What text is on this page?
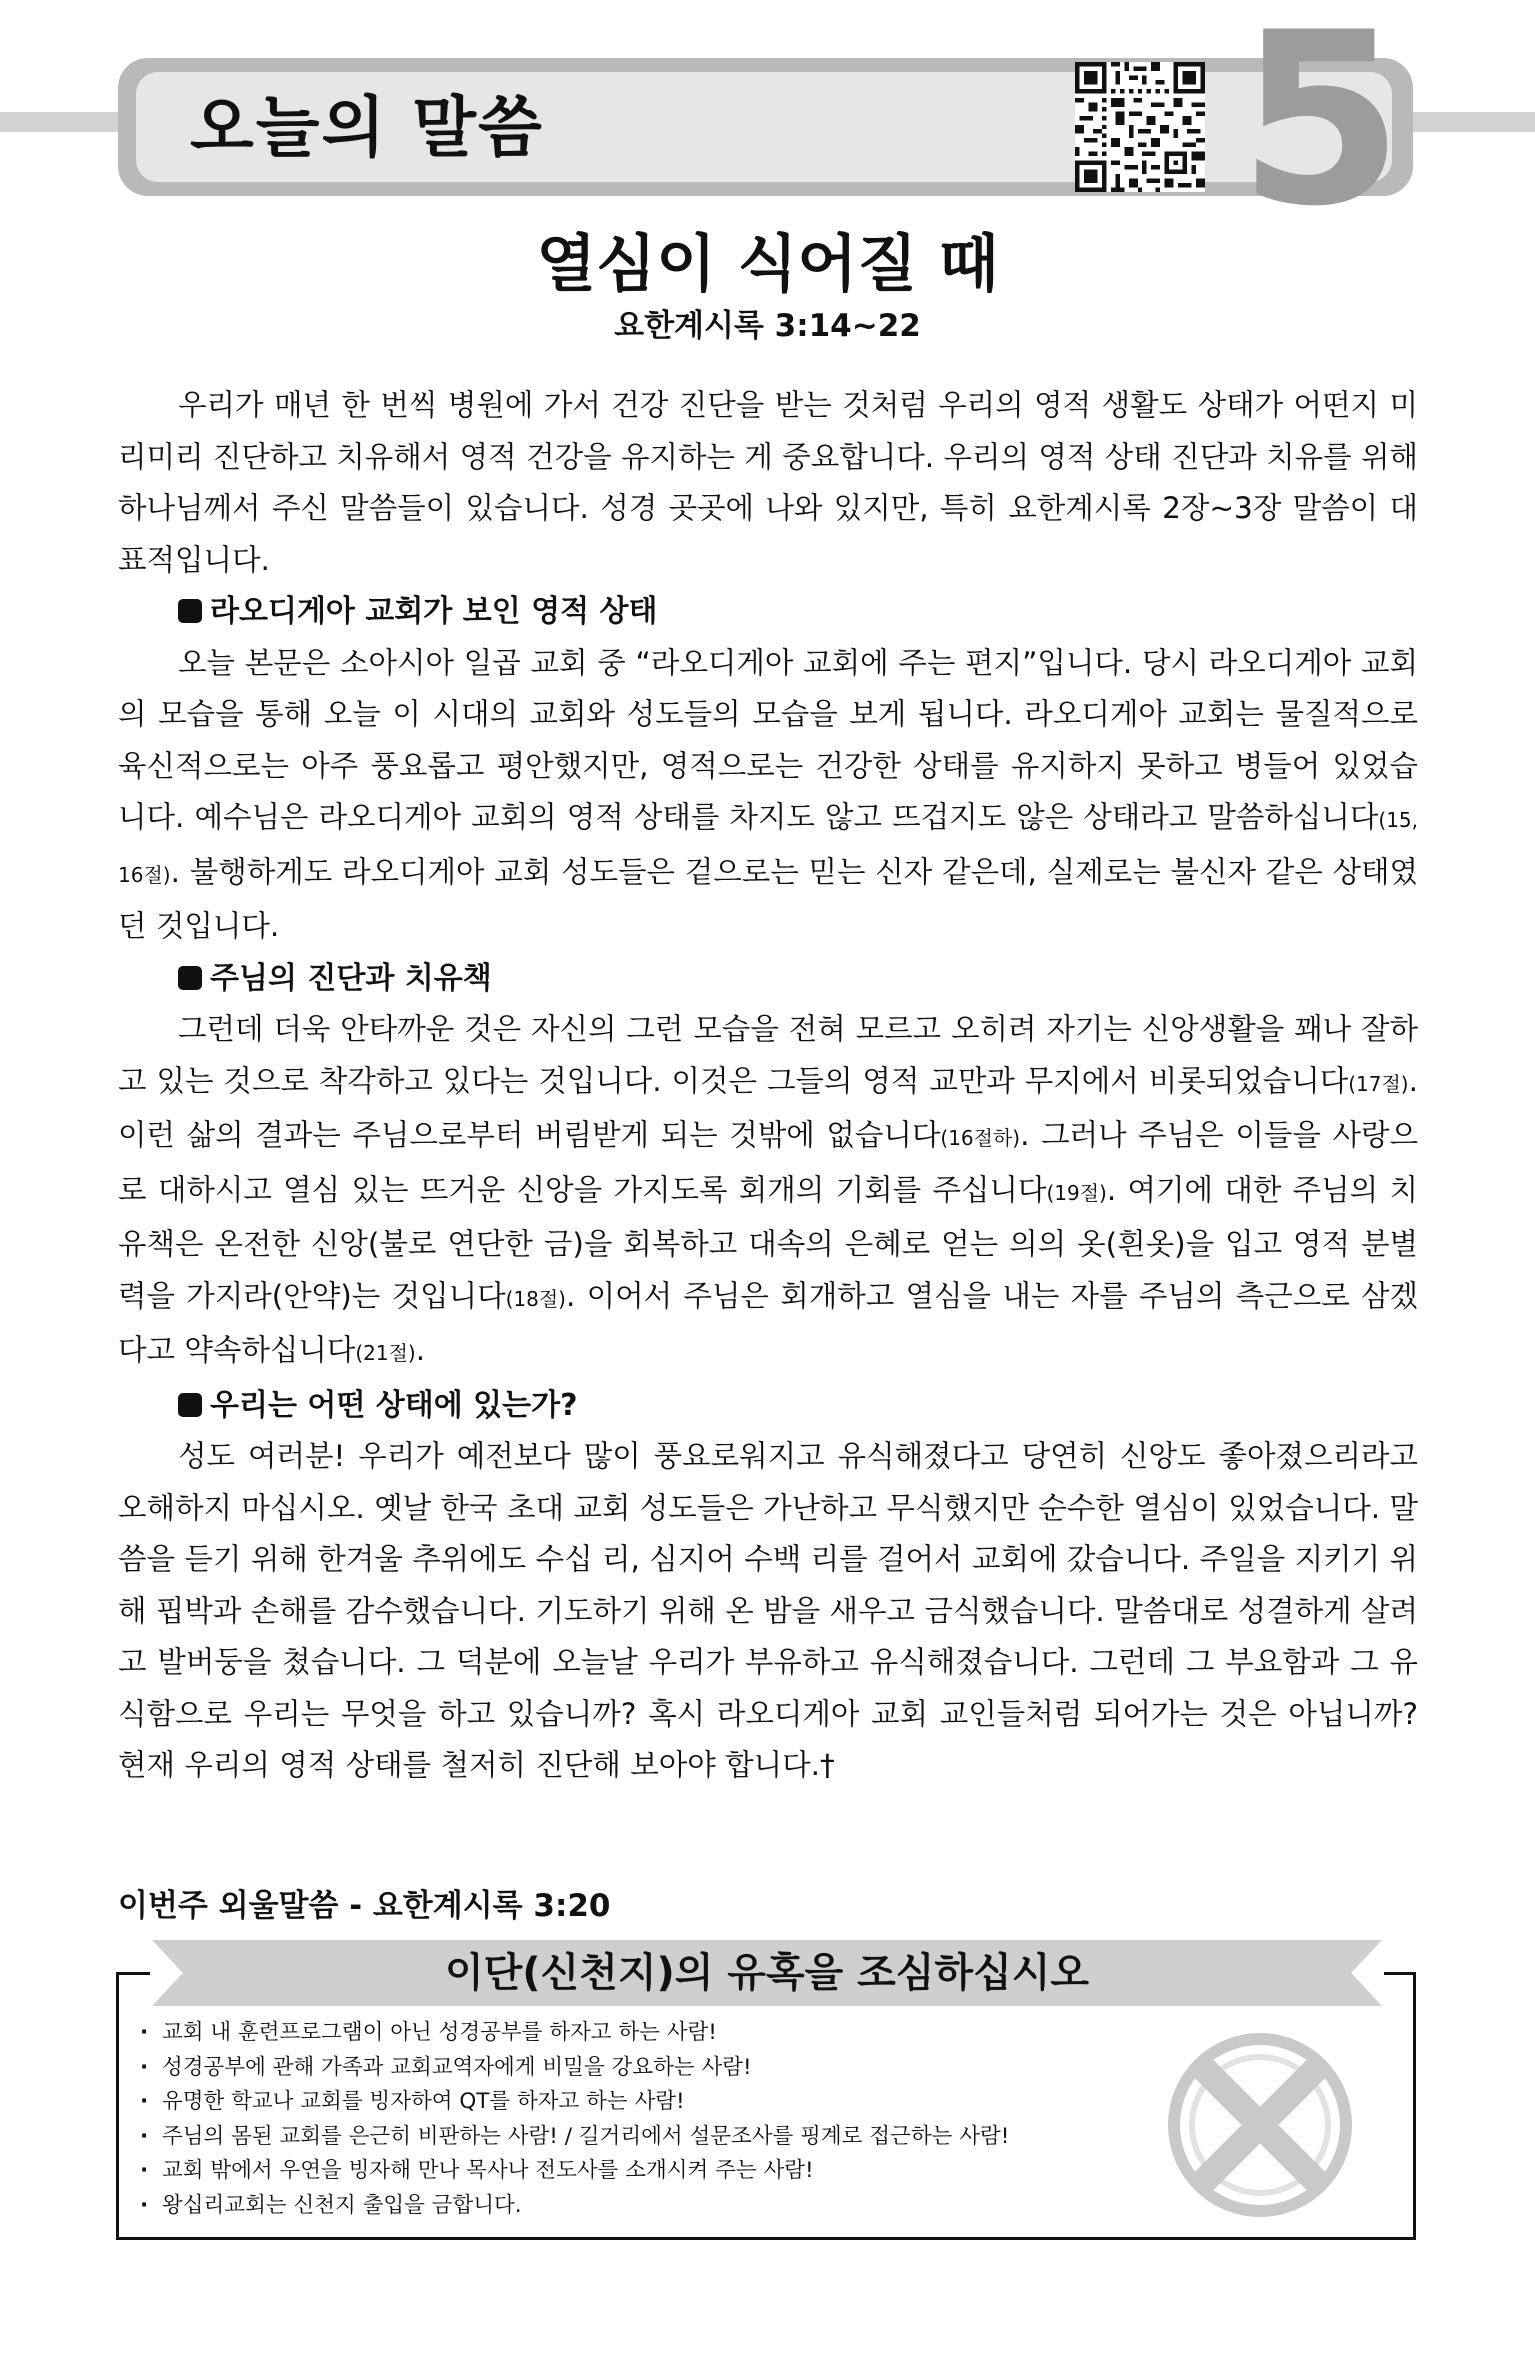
오늘의 말씀	5
열심이 식어질 때
요한계시록 3:14~22

우리가 매년 한 번씩 병원에 가서 건강 진단을 받는 것처럼 우리의 영적 생활도 상태가 어떤지 미리미리 진단하고 치유해서 영적 건강을 유지하는 게 중요합니다. 우리의 영적 상태 진단과 치유를 위해 하나님께서 주신 말씀들이 있습니다. 성경 곳곳에 나와 있지만, 특히 요한계시록 2장~3장 말씀이 대표적입니다.

라오디게아 교회가 보인 영적 상태

오늘 본문은 소아시아 일곱 교회 중 “라오디게아 교회에 주는 편지”입니다. 당시 라오디게아 교회의 모습을 통해 오늘 이 시대의 교회와 성도들의 모습을 보게 됩니다. 라오디게아 교회는 물질적으로 육신적으로는 아주 풍요롭고 평안했지만, 영적으로는 건강한 상태를 유지하지 못하고 병들어 있었습니다. 예수님은 라오디게아 교회의 영적 상태를 차지도 않고 뜨겁지도 않은 상태라고 말씀하십니다(15, 16절). 불행하게도 라오디게아 교회 성도들은 겉으로는 믿는 신자 같은데, 실제로는 불신자 같은 상태였던 것입니다.

주님의 진단과 치유책

그런데 더욱 안타까운 것은 자신의 그런 모습을 전혀 모르고 오히려 자기는 신앙생활을 꽤나 잘하고 있는 것으로 착각하고 있다는 것입니다. 이것은 그들의 영적 교만과 무지에서 비롯되었습니다(17절). 이런 삶의 결과는 주님으로부터 버림받게 되는 것밖에 없습니다(16절하). 그러나 주님은 이들을 사랑으로 대하시고 열심 있는 뜨거운 신앙을 가지도록 회개의 기회를 주십니다(19절). 여기에 대한 주님의 치유책은 온전한 신앙(불로 연단한 금)을 회복하고 대속의 은혜로 얻는 의의 옷(흰옷)을 입고 영적 분별력을 가지라(안약)는 것입니다(18절). 이어서 주님은 회개하고 열심을 내는 자를 주님의 측근으로 삼겠다고 약속하십니다(21절).

우리는 어떤 상태에 있는가?

성도 여러분! 우리가 예전보다 많이 풍요로워지고 유식해졌다고 당연히 신앙도 좋아졌으리라고 오해하지 마십시오. 옛날 한국 초대 교회 성도들은 가난하고 무식했지만 순수한 열심이 있었습니다. 말씀을 듣기 위해 한겨울 추위에도 수십 리, 심지어 수백 리를 걸어서 교회에 갔습니다. 주일을 지키기 위해 핍박과 손해를 감수했습니다. 기도하기 위해 온 밤을 새우고 금식했습니다. 말씀대로 성결하게 살려고 발버둥을 쳤습니다. 그 덕분에 오늘날 우리가 부유하고 유식해졌습니다. 그런데 그 부요함과 그 유식함으로 우리는 무엇을 하고 있습니까? 혹시 라오디게아 교회 교인들처럼 되어가는 것은 아닙니까? 현재 우리의 영적 상태를 철저히 진단해 보아야 합니다.†

이번주 외울말씀 - 요한계시록 3:20
이단(신천지)의 유혹을 조심하십시오
· 교회 내 훈련프로그램이 아닌 성경공부를 하자고 하는 사람!
· 성경공부에 관해 가족과 교회교역자에게 비밀을 강요하는 사람!
· 유명한 학교나 교회를 빙자하여 QT를 하자고 하는 사람!
· 주님의 몸된 교회를 은근히 비판하는 사람! / 길거리에서 설문조사를 핑계로 접근하는 사람!
· 교회 밖에서 우연을 빙자해 만나 목사나 전도사를 소개시켜 주는 사람!
· 왕십리교회는 신천지 출입을 금합니다.
